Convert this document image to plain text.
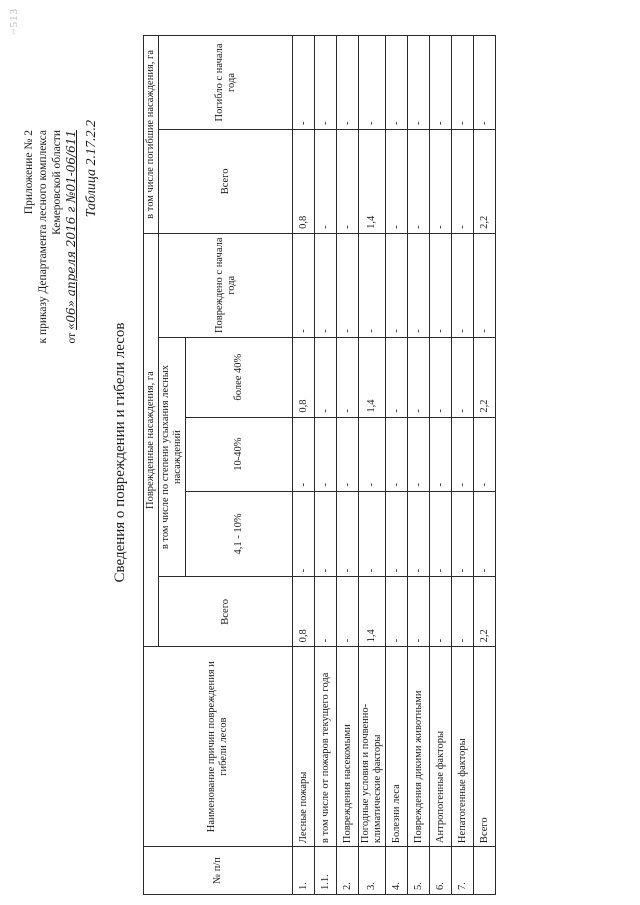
~513
Приложение № 2 к приказу Департамента лесного комплекса Кемеровской области
от «06» апреля 2016 г №01-06/611 Таблица 2.17.2.2
Сведения о повреждении и гибели лесов
№ п/п	Наименование причин повреждения и гибели лесов	Поврежденные насаждения, га					в том числе погибшие насаждения, га	
		Всего	в том числе по степени усыхания лесных насаждений			Повреждено с начала года	Всего	Погибло с начала года
			4,1 - 10%	10-40%	более 40%			
1.	Лесные пожары	0,8	-	-	0,8	-	0,8	-
1.1.	в том числе от пожаров текущего года	-	-	-	-	-	-	-
2.	Повреждения насекомыми	-	-	-	-	-	-	-
3.	Погодные условия и почвенно-климатические факторы	1,4	-	-	1,4	-	1,4	-
4.	Болезни леса	-	-	-	-	-	-	-
5.	Повреждения дикими животными	-	-	-	-	-	-	-
6.	Антропогенные факторы	-	-	-	-	-	-	-
7.	Непатогенные факторы	-	-	-	-	-	-	-
	Всего	2,2	-	-	2,2	-	2,2	-
